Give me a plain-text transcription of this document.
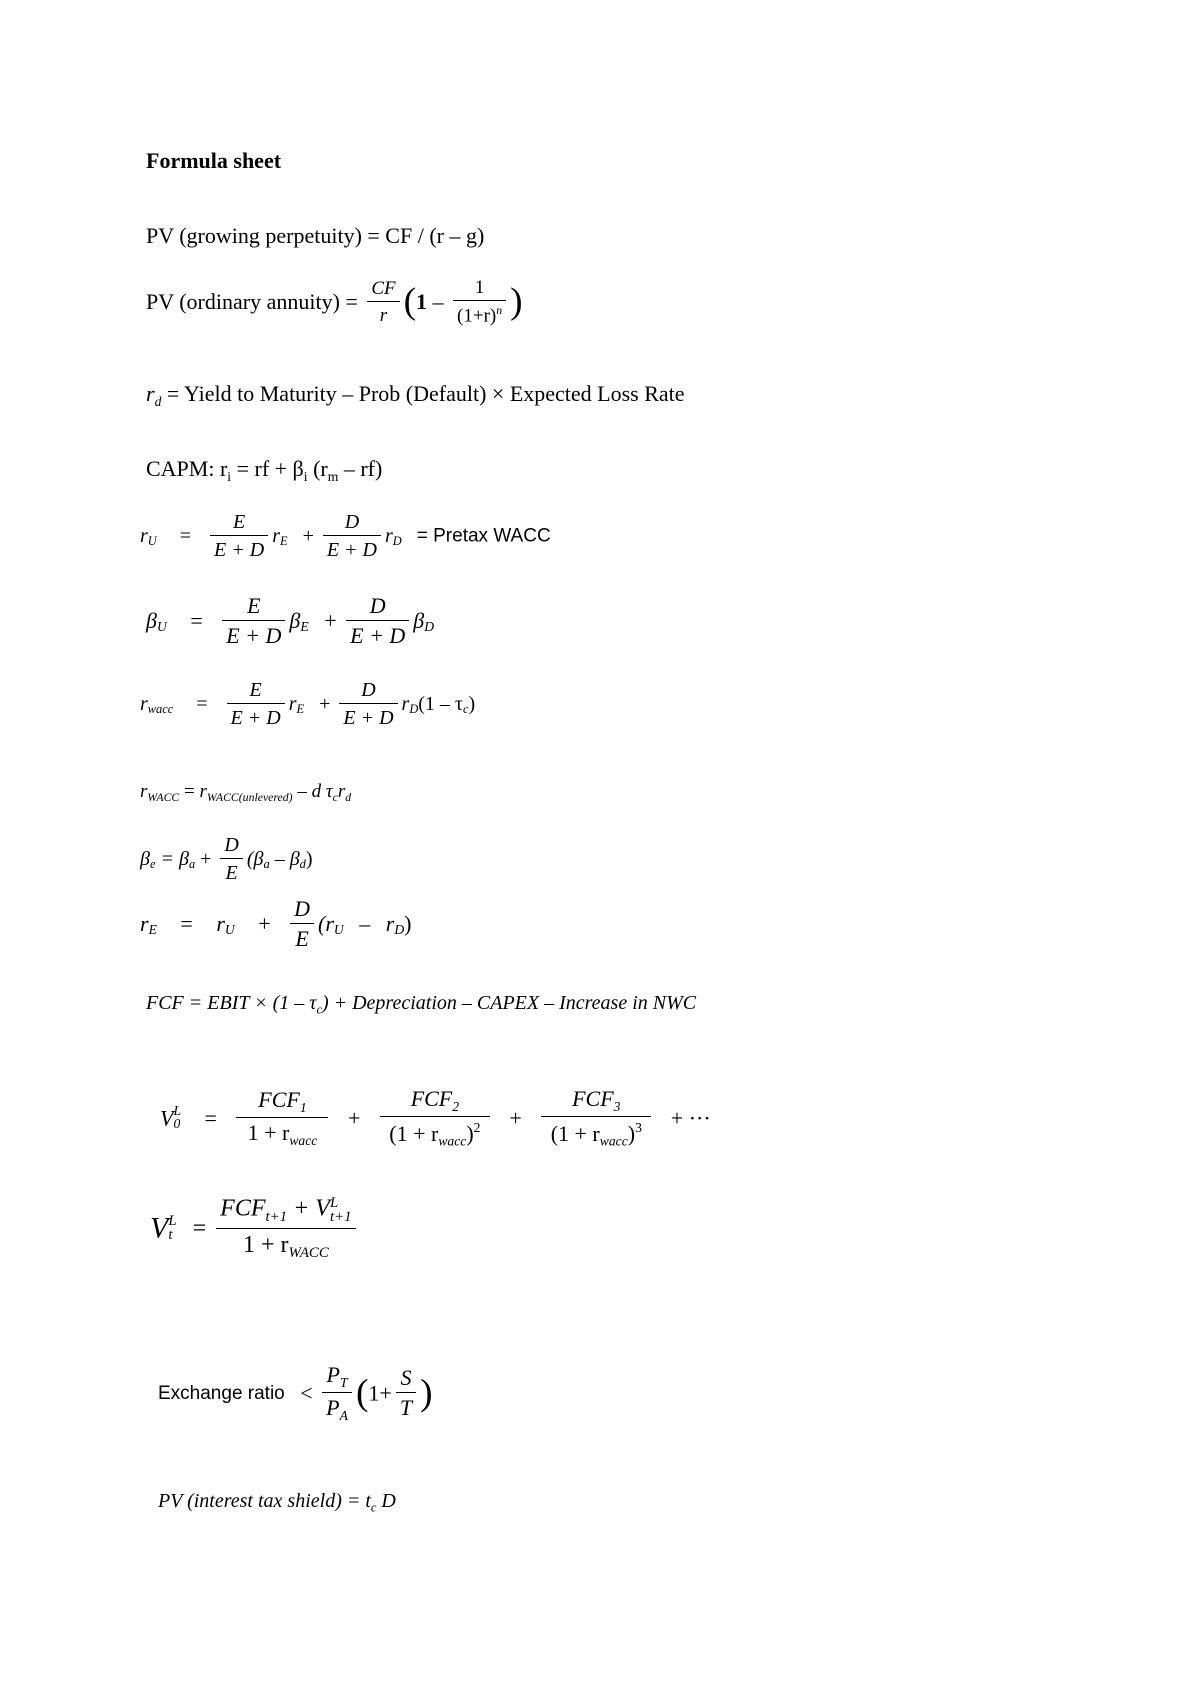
Formula sheet
PV (growing perpetuity) = CF / (r – g)
PV (ordinary annuity) = $\frac{CF}{r} (1 - \frac{1}{(1+r)^n}$ )
$r_d$ = Yield to Maturity – Prob (Default) × Expected Loss Rate
CAPM: $r_i$ = rf + $\beta_i$ $(r_m - rf)$
$r_U = \frac{E}{E + D} r_E + \frac{D}{E + D} r_D$ = Pretax WACC
$\beta_U = \frac{E}{E + D} \beta_E + \frac{D}{E + D} \beta_D$
$r_{wacc} = \frac{E}{E + D} r_E + \frac{D}{E + D} r_D(1 - \tau_c)$
$r_{WACC} = r_{WACC(unlevered)} - d$ $\tau_cr_d$
$\beta_e = \beta_a + \frac{D}{E} (\beta_a - \beta_d)$
$r_E = r_U + \frac{D}{E} (r_U - r_D)$
FCF = EBIT × $(1 - \tau_c)$ + Depreciation – CAPEX – Increase in NWC
V L
$0 = \frac{FCF_1}{1 + r_{wacc}} + \frac{FCF_2}{(1 + r_{wacc})^2} + \frac{FCF_3}{(1 + r_{wacc})^3}$ + ···
V L
$t = FCF_{t+1} + V$ L
t+1
$1 + r_{WACC}$
Exchange ratio < $\frac{P_T}{P_A} (1+ \frac{S}{T}$ )
PV (interest tax shield) = $t_c$ D
